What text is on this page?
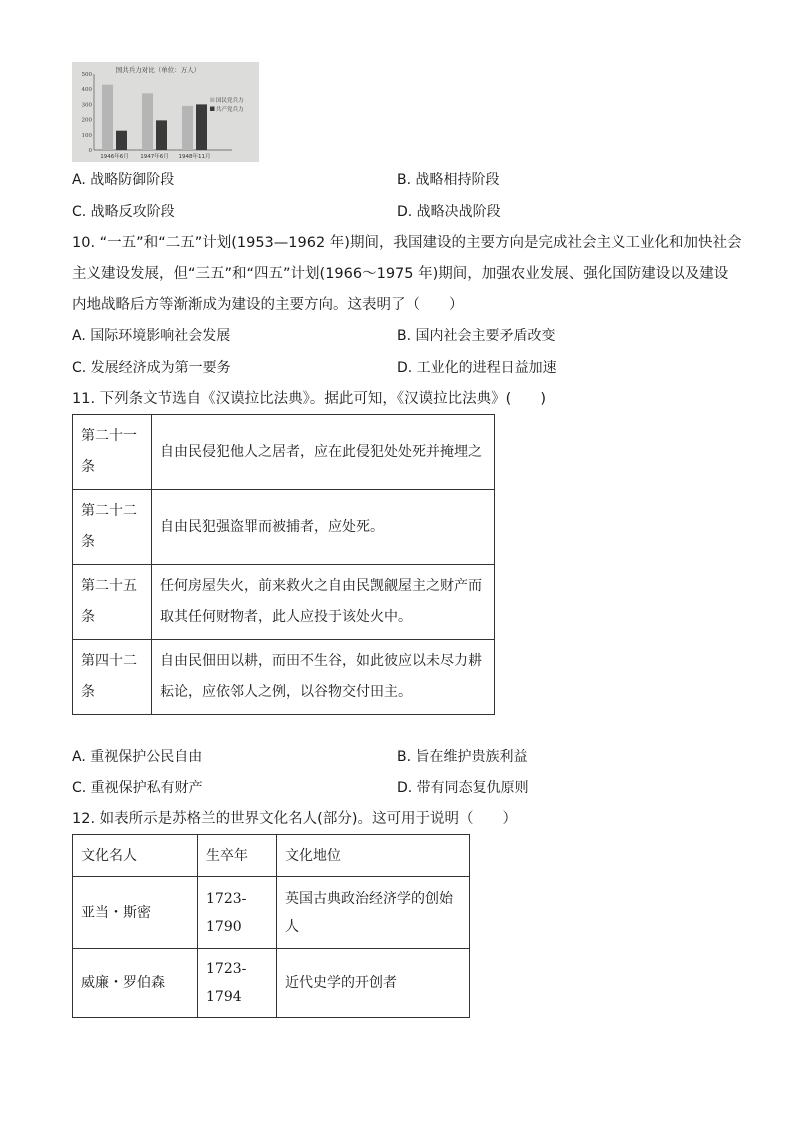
国共兵力对比（单位：万人）
0
100
200
300
400
500
1946年6月 1947年6月 1948年11月
国民党兵力
共产党兵力
A. 战略防御阶段	B. 战略相持阶段
C. 战略反攻阶段	D. 战略决战阶段
10. “一五”和“二五”计划(1953—1962 年)期间，我国建设的主要方向是完成社会主义工业化和加快社会
主义建设发展，但“三五”和“四五”计划(1966～1975 年)期间，加强农业发展、强化国防建设以及建设
内地战略后方等渐渐成为建设的主要方向。这表明了（　　）
A. 国际环境影响社会发展	B. 国内社会主要矛盾改变
C. 发展经济成为第一要务	D. 工业化的进程日益加速
11. 下列条文节选自《汉谟拉比法典》。据此可知，《汉谟拉比法典》(　　)
第二十一条	自由民侵犯他人之居者，应在此侵犯处处死并掩埋之
第二十二条	自由民犯强盗罪而被捕者，应处死。
第二十五条	任何房屋失火，前来救火之自由民觊觎屋主之财产而取其任何财物者，此人应投于该处火中。
第四十二条	自由民佃田以耕，而田不生谷，如此彼应以未尽力耕耘论，应依邻人之例，以谷物交付田主。
A. 重视保护公民自由	B. 旨在维护贵族利益
C. 重视保护私有财产	D. 带有同态复仇原则
12. 如表所示是苏格兰的世界文化名人(部分)。这可用于说明（　　）
文化名人	生卒年	文化地位
亚当・斯密	1723-1790	英国古典政治经济学的创始人
威廉・罗伯森	1723-1794	近代史学的开创者
